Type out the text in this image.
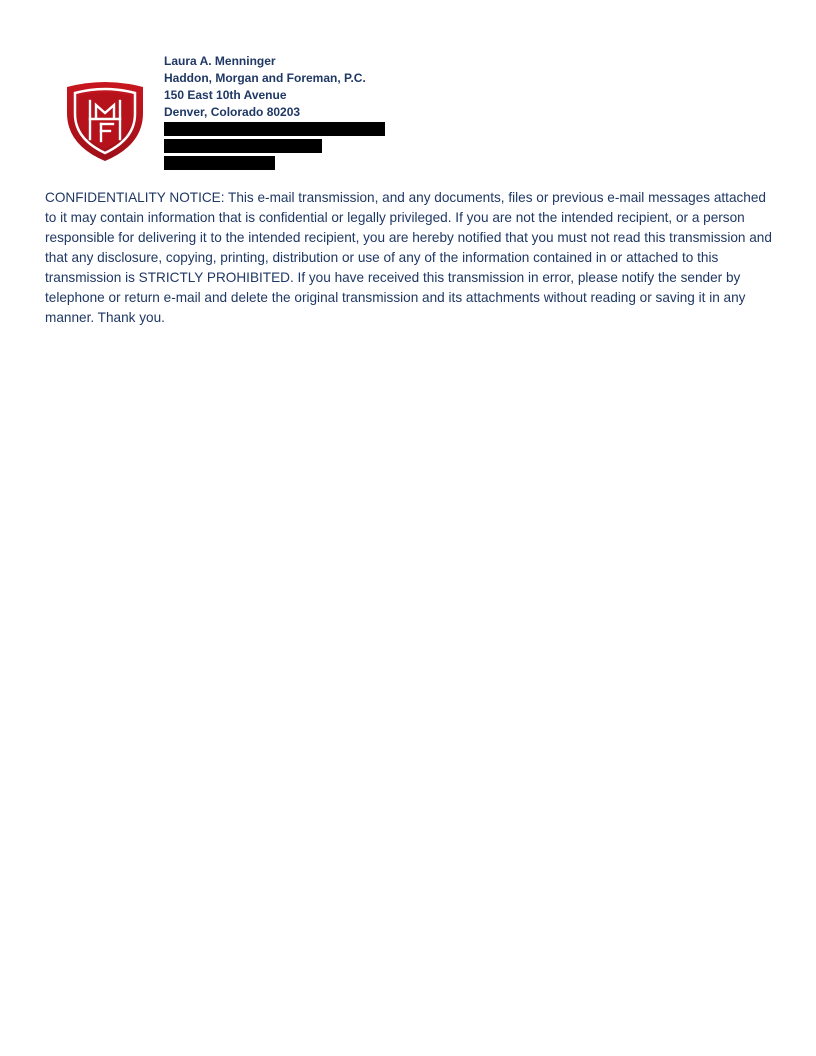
Laura A. Menninger
Haddon, Morgan and Foreman, P.C.
150 East 10th Avenue
Denver, Colorado 80203

CONFIDENTIALITY NOTICE: This e-mail transmission, and any documents, files or previous e-mail messages attached to it may contain information that is confidential or legally privileged. If you are not the intended recipient, or a person responsible for delivering it to the intended recipient, you are hereby notified that you must not read this transmission and that any disclosure, copying, printing, distribution or use of any of the information contained in or attached to this transmission is STRICTLY PROHIBITED. If you have received this transmission in error, please notify the sender by telephone or return e-mail and delete the original transmission and its attachments without reading or saving it in any manner. Thank you.
